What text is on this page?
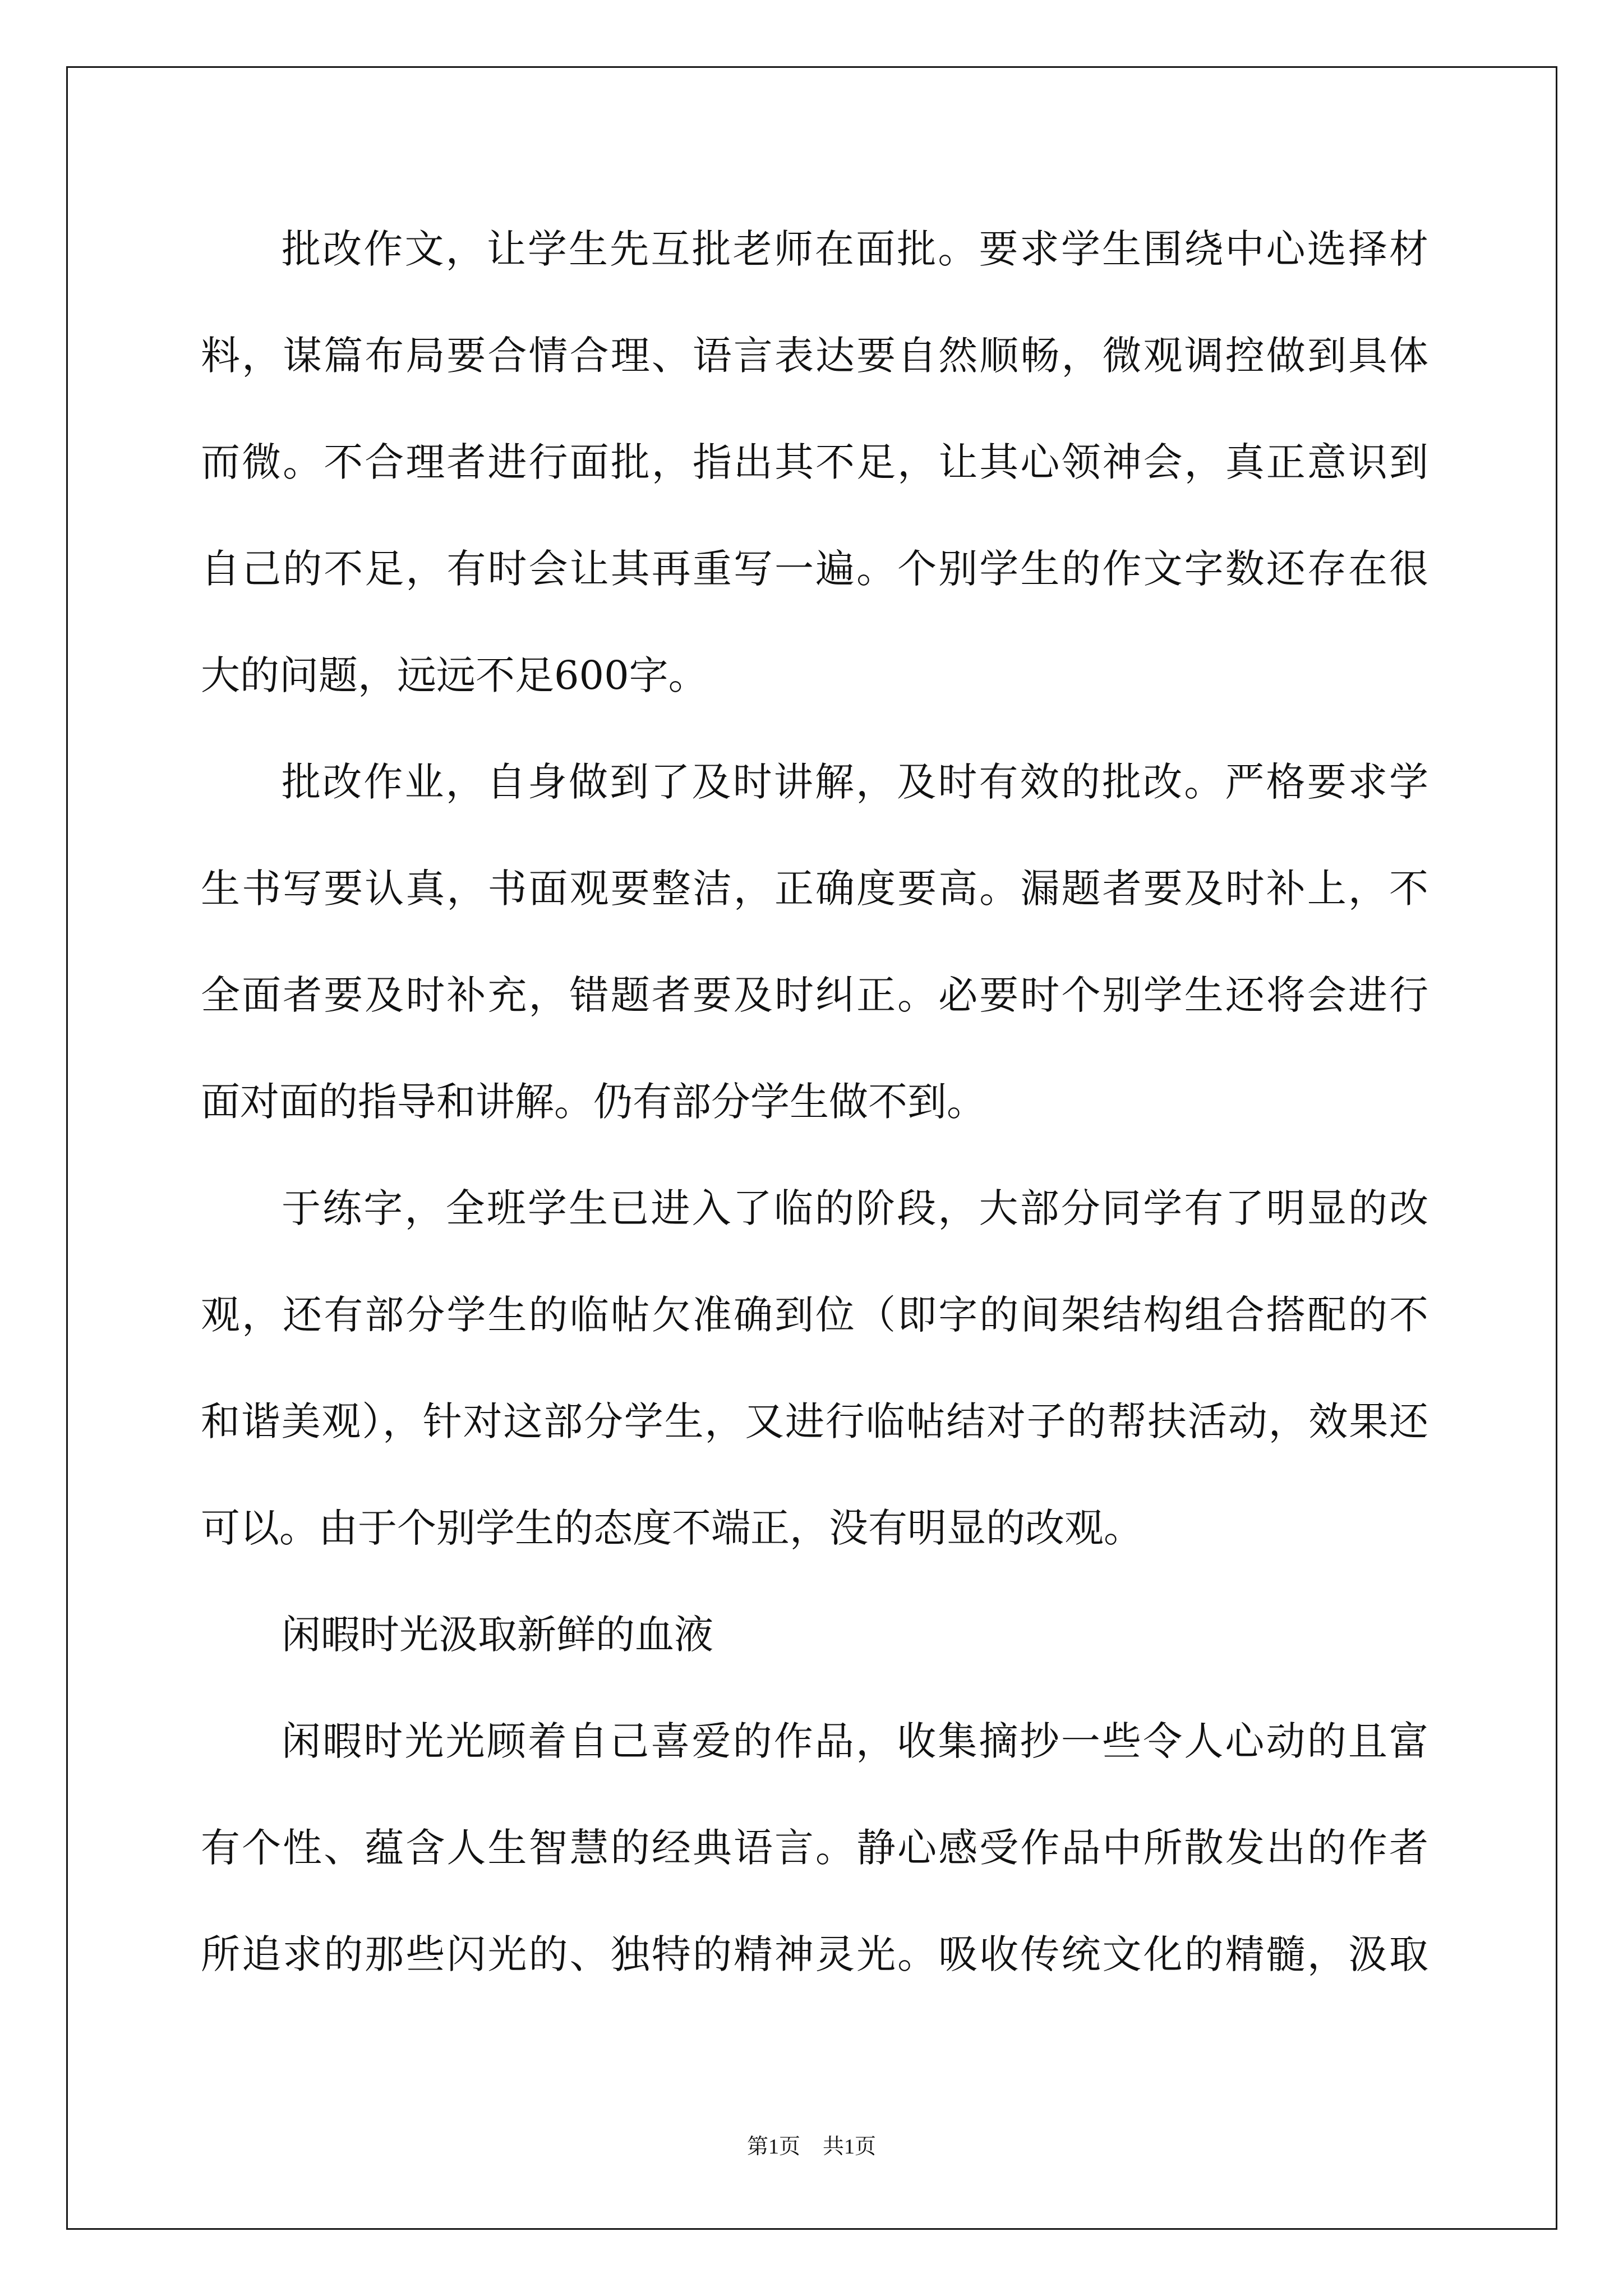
批改作文，让学生先互批老师在面批。要求学生围绕中心选择材
料，谋篇布局要合情合理、语言表达要自然顺畅，微观调控做到具体
而微。不合理者进行面批，指出其不足，让其心领神会，真正意识到
自己的不足，有时会让其再重写一遍。个别学生的作文字数还存在很
大的问题，远远不足600字。
批改作业，自身做到了及时讲解，及时有效的批改。严格要求学
生书写要认真，书面观要整洁，正确度要高。漏题者要及时补上，不
全面者要及时补充，错题者要及时纠正。必要时个别学生还将会进行
面对面的指导和讲解。仍有部分学生做不到。
于练字，全班学生已进入了临的阶段，大部分同学有了明显的改
观，还有部分学生的临帖欠准确到位（即字的间架结构组合搭配的不
和谐美观），针对这部分学生，又进行临帖结对子的帮扶活动，效果还
可以。由于个别学生的态度不端正，没有明显的改观。
闲暇时光汲取新鲜的血液
闲暇时光光顾着自己喜爱的作品，收集摘抄一些令人心动的且富
有个性、蕴含人生智慧的经典语言。静心感受作品中所散发出的作者
所追求的那些闪光的、独特的精神灵光。吸收传统文化的精髓，汲取
第1页 共1页
